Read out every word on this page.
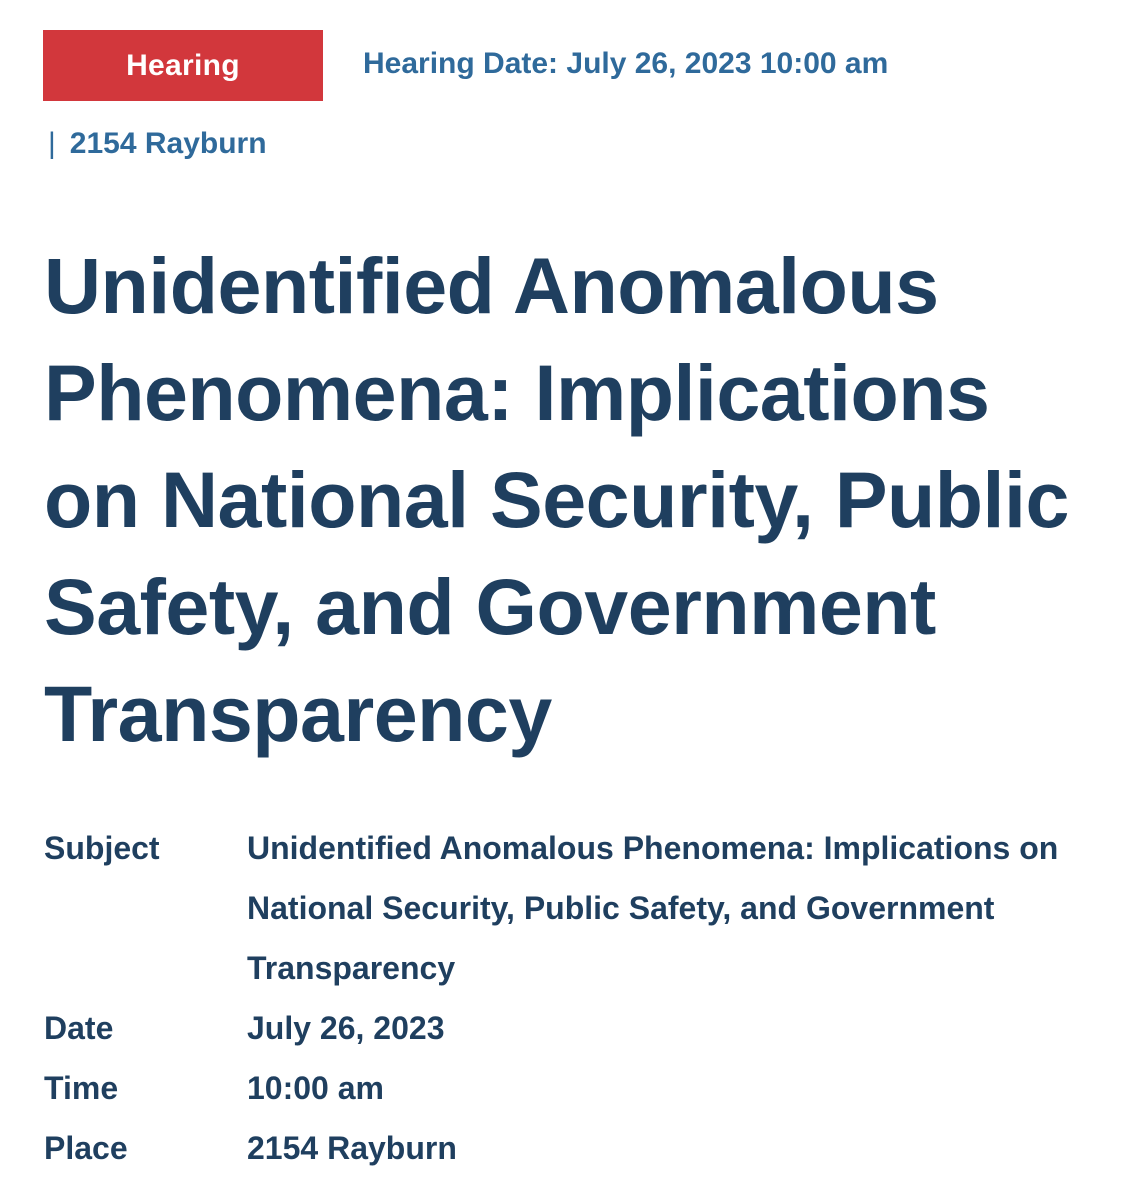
Hearing	Hearing Date: July 26, 2023 10:00 am
| 2154 Rayburn
Unidentified Anomalous Phenomena: Implications on National Security, Public Safety, and Government Transparency
Subject	Unidentified Anomalous Phenomena: Implications on National Security, Public Safety, and Government Transparency
Date	July 26, 2023
Time	10:00 am
Place	2154 Rayburn
